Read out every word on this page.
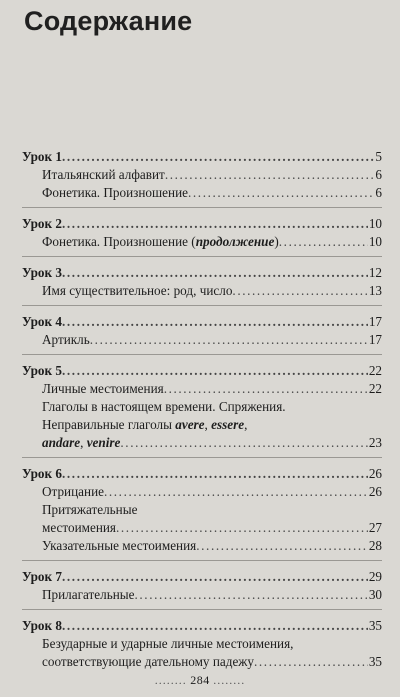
Содержание
Урок 1 .....	5
Итальянский алфавит .....	6
Фонетика. Произношение .....	6
Урок 2 .....	10
Фонетика. Произношение (продолжение) .....	10
Урок 3 .....	12
Имя существительное: род, число .....	13
Урок 4 .....	17
Артикль .....	17
Урок 5 .....	22
Личные местоимения .....	22
Глаголы в настоящем времени. Спряжения.
Неправильные глаголы avere, essere,
andare, venire .....	23
Урок 6 .....	26
Отрицание .....	26
Притяжательные
местоимения .....	27
Указательные местоимения .....	28
Урок 7 .....	29
Прилагательные .....	30
Урок 8 .....	35
Безударные и ударные личные местоимения,
соответствующие дательному падежу .....	35
........ 284 ........
